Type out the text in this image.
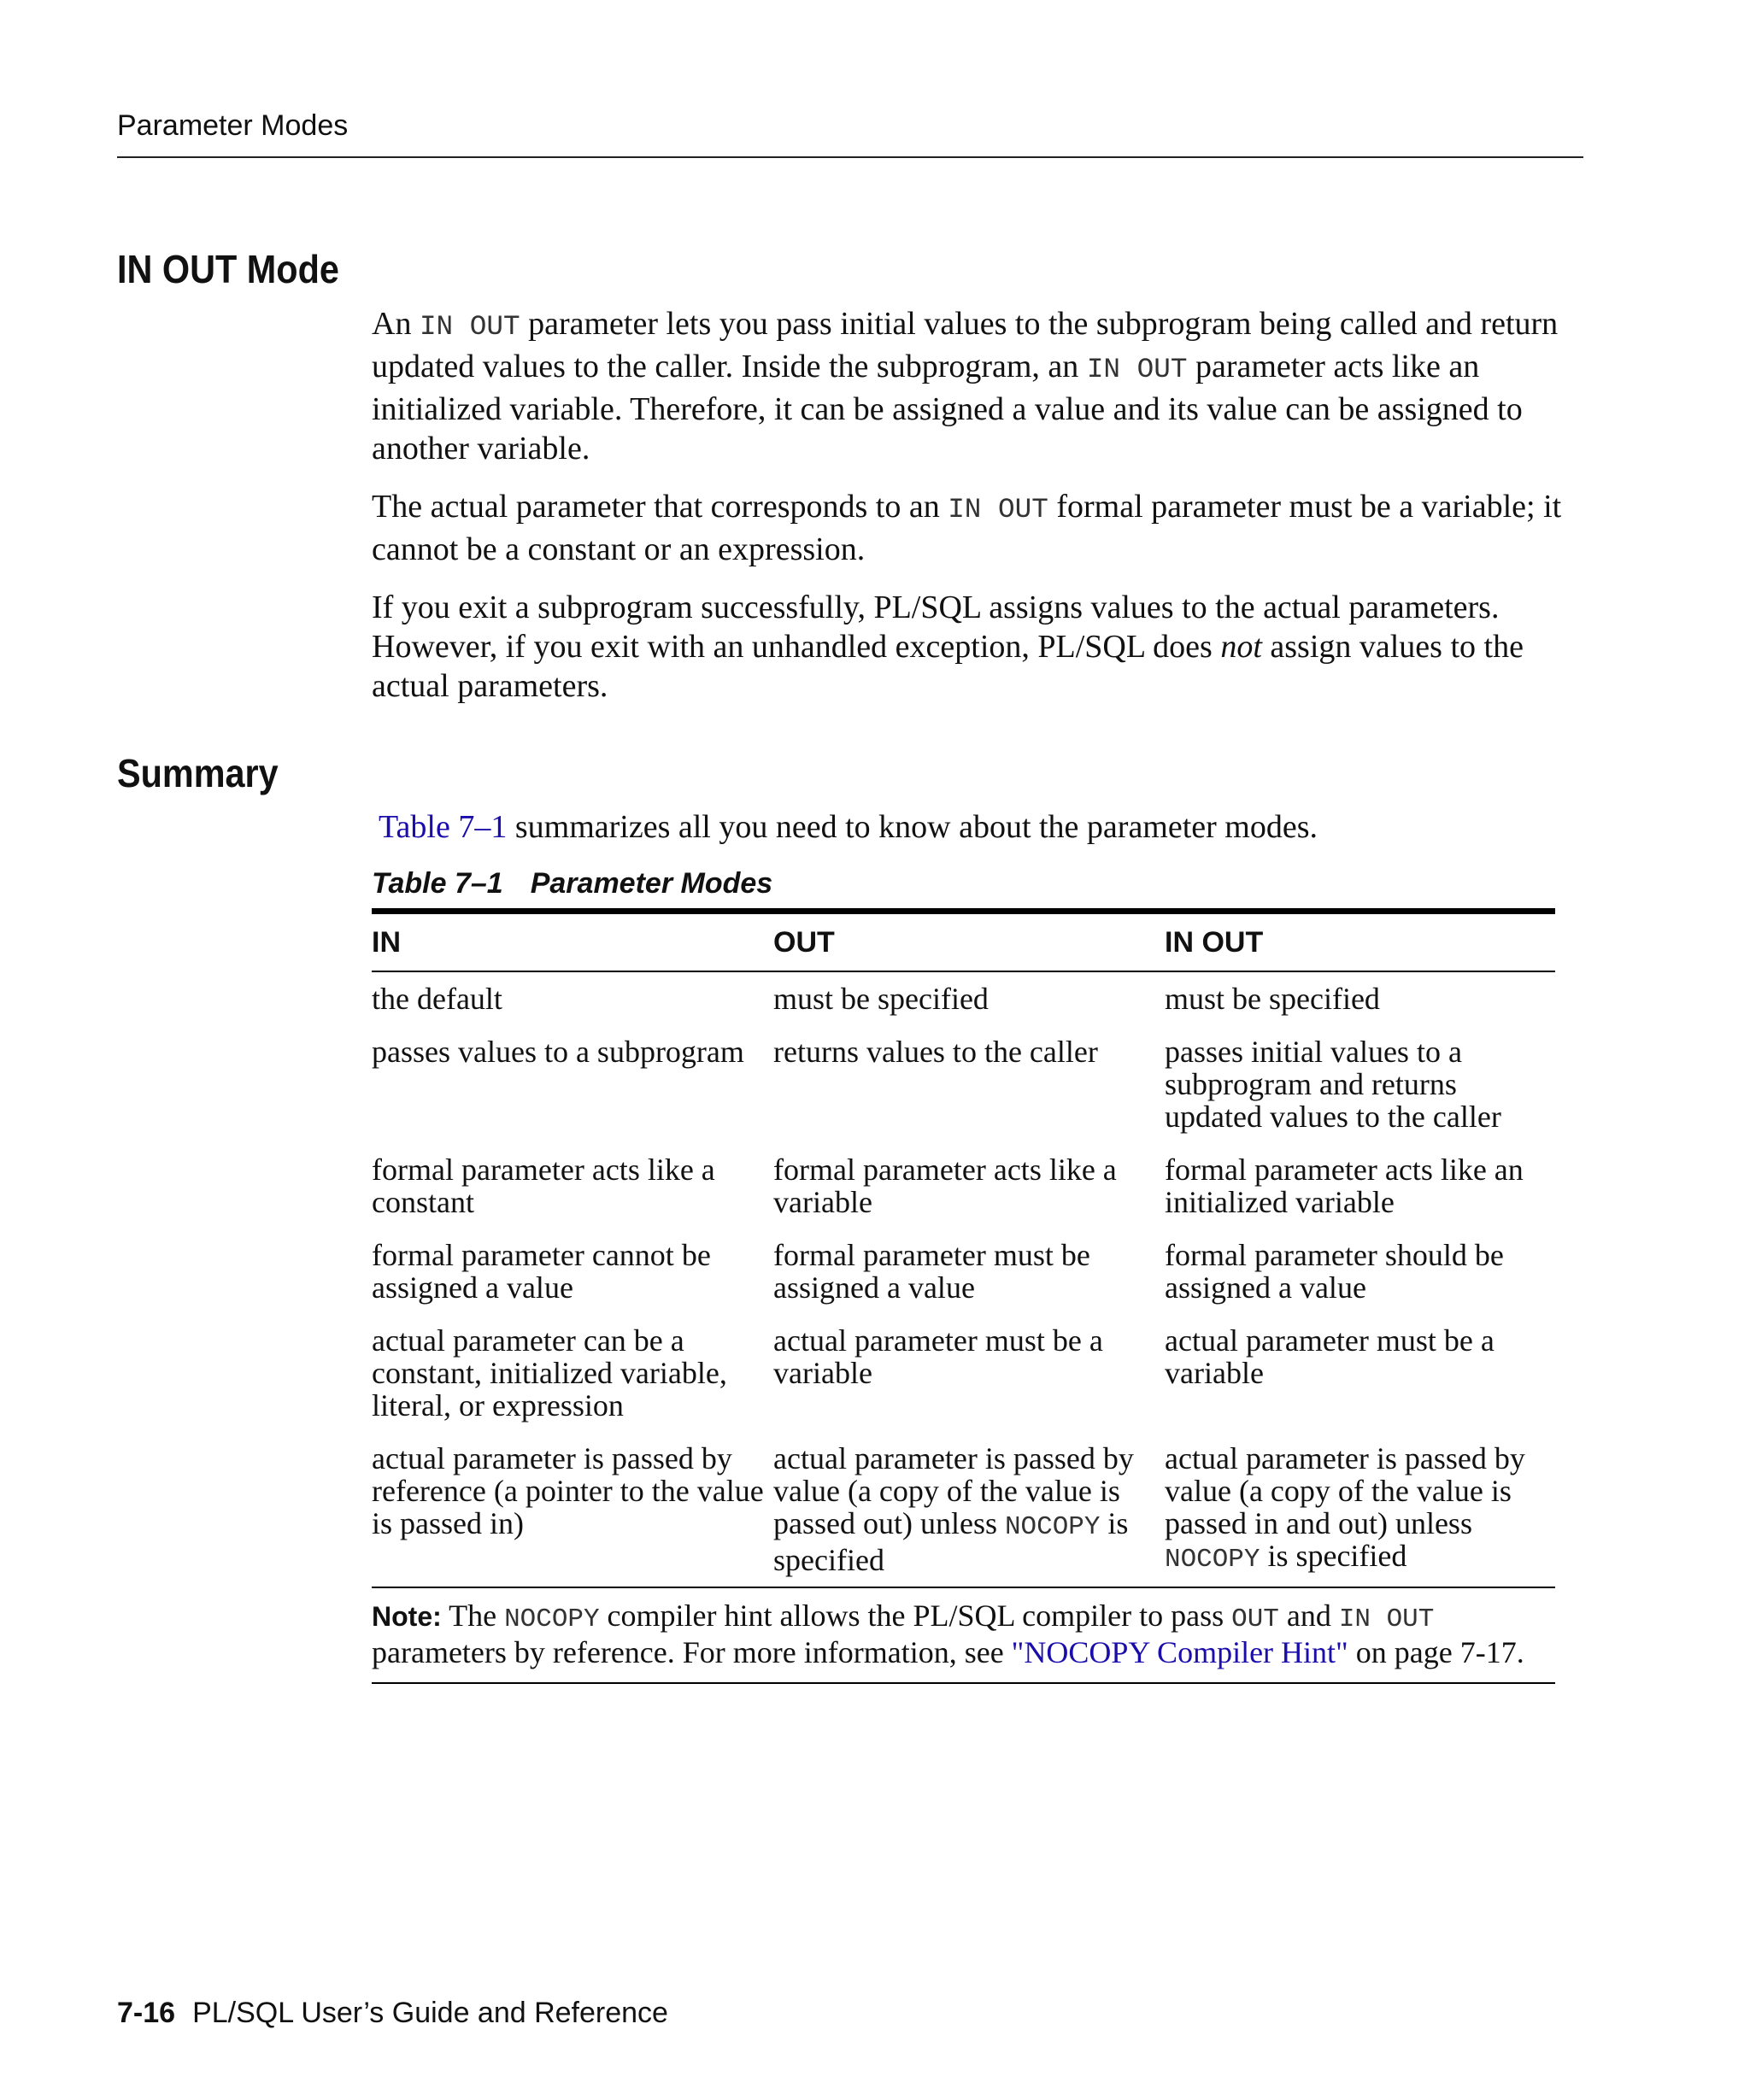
Parameter Modes
IN OUT Mode

An IN OUT parameter lets you pass initial values to the subprogram being called and return updated values to the caller. Inside the subprogram, an IN OUT parameter acts like an initialized variable. Therefore, it can be assigned a value and its value can be assigned to another variable.

The actual parameter that corresponds to an IN OUT formal parameter must be a variable; it cannot be a constant or an expression.

If you exit a subprogram successfully, PL/SQL assigns values to the actual parameters. However, if you exit with an unhandled exception, PL/SQL does not assign values to the actual parameters.

Summary

Table 7–1 summarizes all you need to know about the parameter modes.

Table 7–1 Parameter Modes
IN	OUT	IN OUT
the default	must be specified	must be specified
passes values to a subprogram	returns values to the caller	passes initial values to a subprogram and returns updated values to the caller
formal parameter acts like a constant	formal parameter acts like a variable	formal parameter acts like an initialized variable
formal parameter cannot be assigned a value	formal parameter must be assigned a value	formal parameter should be assigned a value
actual parameter can be a constant, initialized variable, literal, or expression	actual parameter must be a variable	actual parameter must be a variable
actual parameter is passed by reference (a pointer to the value is passed in)	actual parameter is passed by value (a copy of the value is passed out) unless NOCOPY is specified	actual parameter is passed by value (a copy of the value is passed in and out) unless NOCOPY is specified
Note: The NOCOPY compiler hint allows the PL/SQL compiler to pass OUT and IN OUT parameters by reference. For more information, see "NOCOPY Compiler Hint" on page 7-17.
7-16 PL/SQL User’s Guide and Reference
